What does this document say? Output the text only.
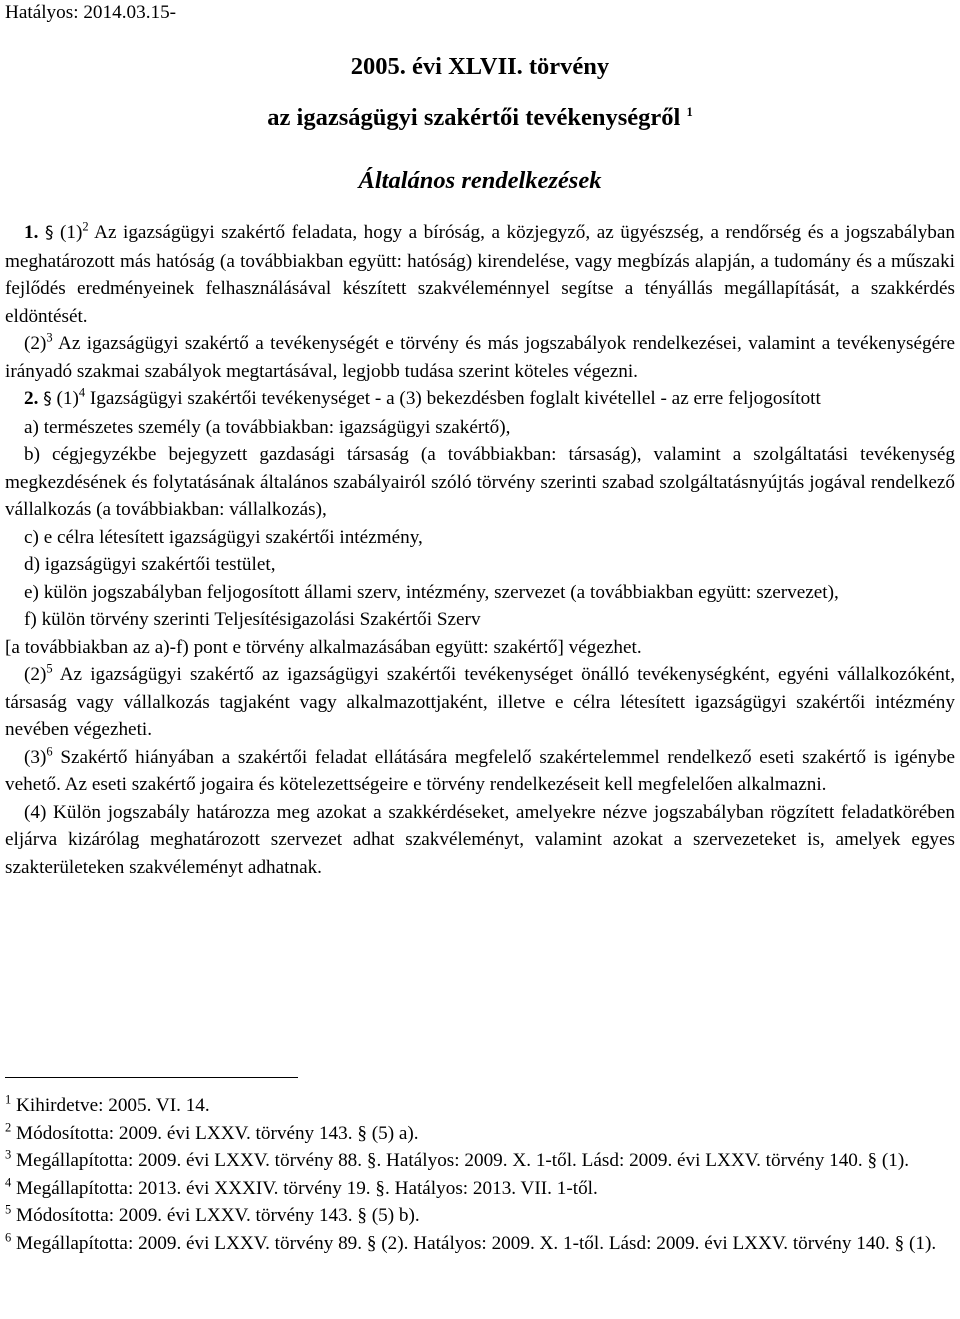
Hatályos: 2014.03.15-
2005. évi XLVII. törvény
az igazságügyi szakértői tevékenységről $^1$
Általános rendelkezések

1. § $(1)^2$ Az igazságügyi szakértő feladata, hogy a bíróság, a közjegyző, az ügyészség, a rendőrség és a jogszabályban meghatározott más hatóság (a továbbiakban együtt: hatóság) kirendelése, vagy megbízás alapján, a tudomány és a műszaki fejlődés eredményeinek felhasználásával készített szakvéleménnyel segítse a tényállás megállapítását, a szakkérdés eldöntését.

$(2)^3$ Az igazságügyi szakértő a tevékenységét e törvény és más jogszabályok rendelkezései, valamint a tevékenységére irányadó szakmai szabályok megtartásával, legjobb tudása szerint köteles végezni.

2. § $(1)^4$ Igazságügyi szakértői tevékenységet - a (3) bekezdésben foglalt kivétellel - az erre feljogosított

a) természetes személy (a továbbiakban: igazságügyi szakértő),

b) cégjegyzékbe bejegyzett gazdasági társaság (a továbbiakban: társaság), valamint a szolgáltatási tevékenység megkezdésének és folytatásának általános szabályairól szóló törvény szerinti szabad szolgáltatásnyújtás jogával rendelkező vállalkozás (a továbbiakban: vállalkozás),

c) e célra létesített igazságügyi szakértői intézmény,

d) igazságügyi szakértői testület,

e) külön jogszabályban feljogosított állami szerv, intézmény, szervezet (a továbbiakban együtt: szervezet),

f) külön törvény szerinti Teljesítésigazolási Szakértői Szerv

[a továbbiakban az a)-f) pont e törvény alkalmazásában együtt: szakértő] végezhet.

$(2)^5$ Az igazságügyi szakértő az igazságügyi szakértői tevékenységet önálló tevékenységként, egyéni vállalkozóként, társaság vagy vállalkozás tagjaként vagy alkalmazottjaként, illetve e célra létesített igazságügyi szakértői intézmény nevében végezheti.

$(3)^6$ Szakértő hiányában a szakértői feladat ellátására megfelelő szakértelemmel rendelkező eseti szakértő is igénybe vehető. Az eseti szakértő jogaira és kötelezettségeire e törvény rendelkezéseit kell megfelelően alkalmazni.

(4) Külön jogszabály határozza meg azokat a szakkérdéseket, amelyekre nézve jogszabályban rögzített feladatkörében eljárva kizárólag meghatározott szervezet adhat szakvéleményt, valamint azokat a szervezeteket is, amelyek egyes szakterületeken szakvéleményt adhatnak.

$^1$ Kihirdetve: 2005. VI. 14.

$^2$ Módosította: 2009. évi LXXV. törvény 143. § (5) a).

$^3$ Megállapította: 2009. évi LXXV. törvény 88. §. Hatályos: 2009. X. 1-től. Lásd: 2009. évi LXXV. törvény 140. § (1).

$^4$ Megállapította: 2013. évi XXXIV. törvény 19. §. Hatályos: 2013. VII. 1-től.

$^5$ Módosította: 2009. évi LXXV. törvény 143. § (5) b).

$^6$ Megállapította: 2009. évi LXXV. törvény 89. § (2). Hatályos: 2009. X. 1-től. Lásd: 2009. évi LXXV. törvény 140. § (1).
